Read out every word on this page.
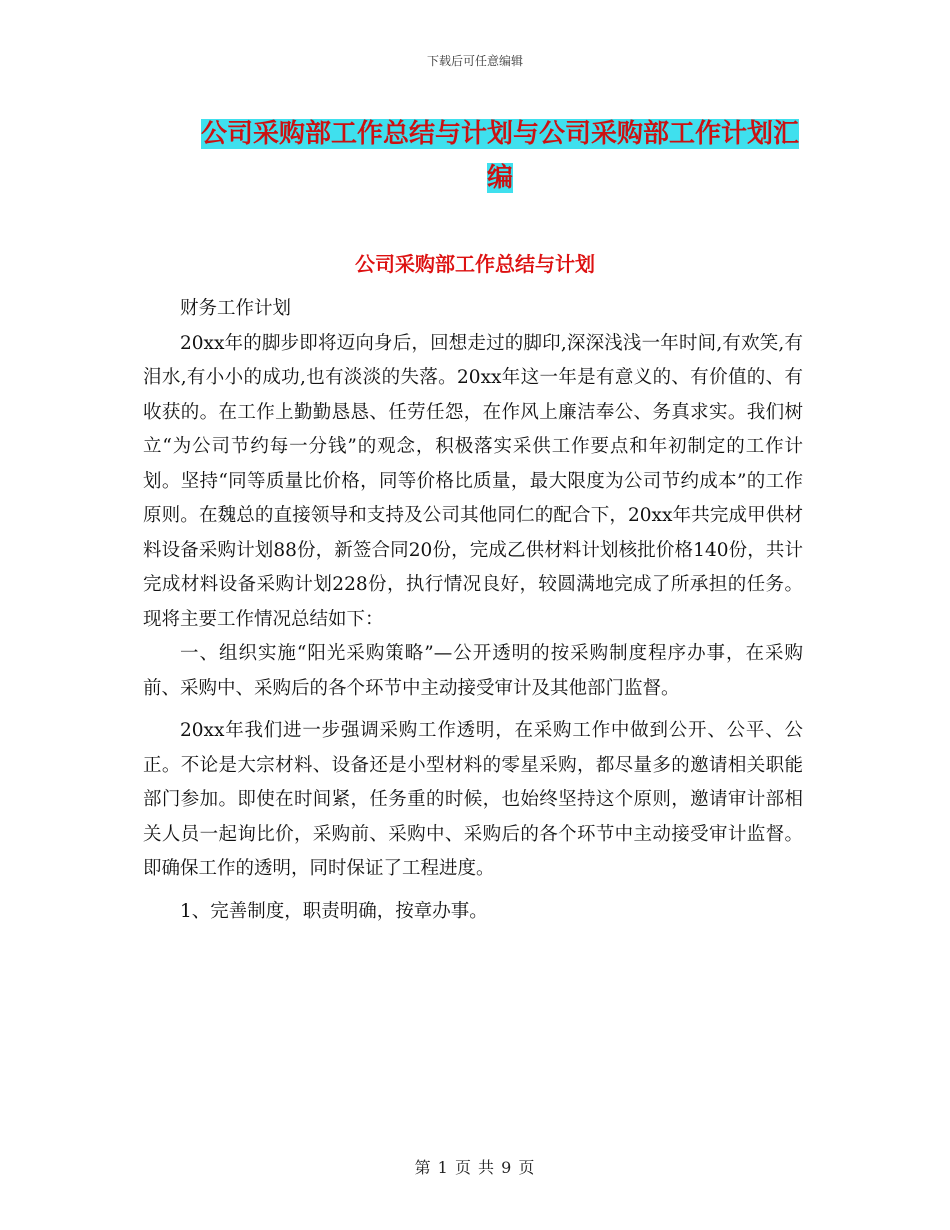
下载后可任意编辑
公司采购部工作总结与计划与公司采购部工作计划汇编
公司采购部工作总结与计划

财务工作计划

20xx年的脚步即将迈向身后，回想走过的脚印,深深浅浅一年时间,有欢笑,有泪水,有小小的成功,也有淡淡的失落。20xx年这一年是有意义的、有价值的、有收获的。在工作上勤勤恳恳、任劳任怨，在作风上廉洁奉公、务真求实。我们树立“为公司节约每一分钱”的观念，积极落实采供工作要点和年初制定的工作计划。坚持“同等质量比价格，同等价格比质量，最大限度为公司节约成本”的工作原则。在魏总的直接领导和支持及公司其他同仁的配合下，20xx年共完成甲供材料设备采购计划88份，新签合同20份，完成乙供材料计划核批价格140份，共计完成材料设备采购计划228份，执行情况良好，较圆满地完成了所承担的任务。现将主要工作情况总结如下：

一、组织实施“阳光采购策略”—公开透明的按采购制度程序办事，在采购前、采购中、采购后的各个环节中主动接受审计及其他部门监督。

20xx年我们进一步强调采购工作透明，在采购工作中做到公开、公平、公正。不论是大宗材料、设备还是小型材料的零星采购，都尽量多的邀请相关职能部门参加。即使在时间紧，任务重的时候，也始终坚持这个原则，邀请审计部相关人员一起询比价，采购前、采购中、采购后的各个环节中主动接受审计监督。即确保工作的透明，同时保证了工程进度。

1、完善制度，职责明确，按章办事。

第 1 页 共 9 页
